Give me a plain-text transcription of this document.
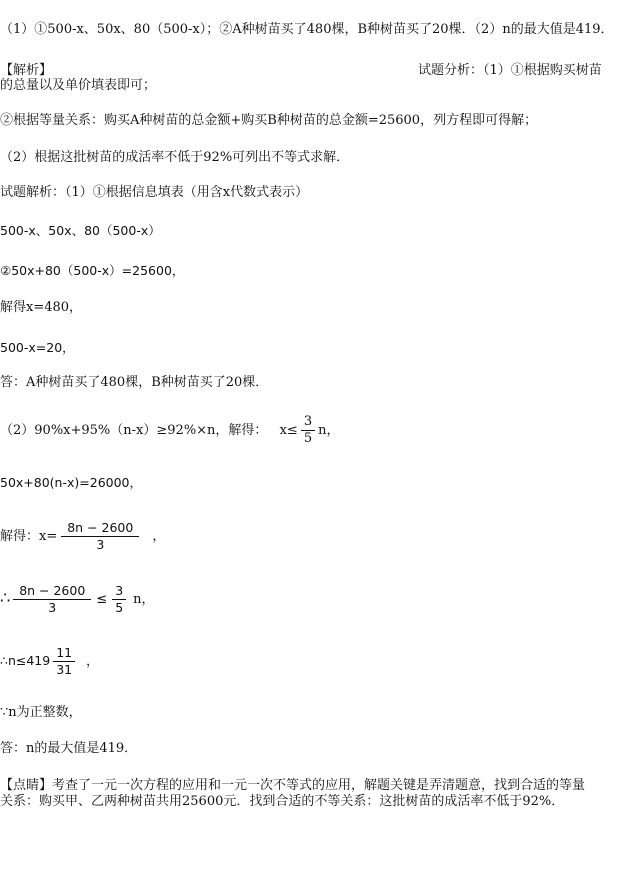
（1）①500-x、50x、80（500-x）；②A种树苗买了480棵，B种树苗买了20棵．（2）n的最大值是419．
【解析】	试题分析：（1）①根据购买树苗
的总量以及单价填表即可；
②根据等量关系：购买A种树苗的总金额+购买B种树苗的总金额=25600，列方程即可得解；
（2）根据这批树苗的成活率不低于92%可列出不等式求解．
试题解析：（1）①根据信息填表（用含x代数式表示）
500-x、50x、80（500-x）
②50x+80（500-x）=25600，
解得x=480，
500-x=20，
答：A种树苗买了480棵，B种树苗买了20棵．
（2）90%x+95%（n-x）≥92%×n，解得： $x\le \frac{3}{5}$ n，
50x+80(n-x)=26000，
解得：$x= \frac{8n - 2600}{3}$ ，
∴ $\frac{8n - 2600}{3} \le \frac{3}{5}$ n，
∴n≤419 $\frac{11}{31}$ ，
∵n为正整数，
答：n的最大值是419．
【点睛】考查了一元一次方程的应用和一元一次不等式的应用，解题关键是弄清题意，找到合适的等量
关系：购买甲、乙两种树苗共用25600元．找到合适的不等关系：这批树苗的成活率不低于92%．
